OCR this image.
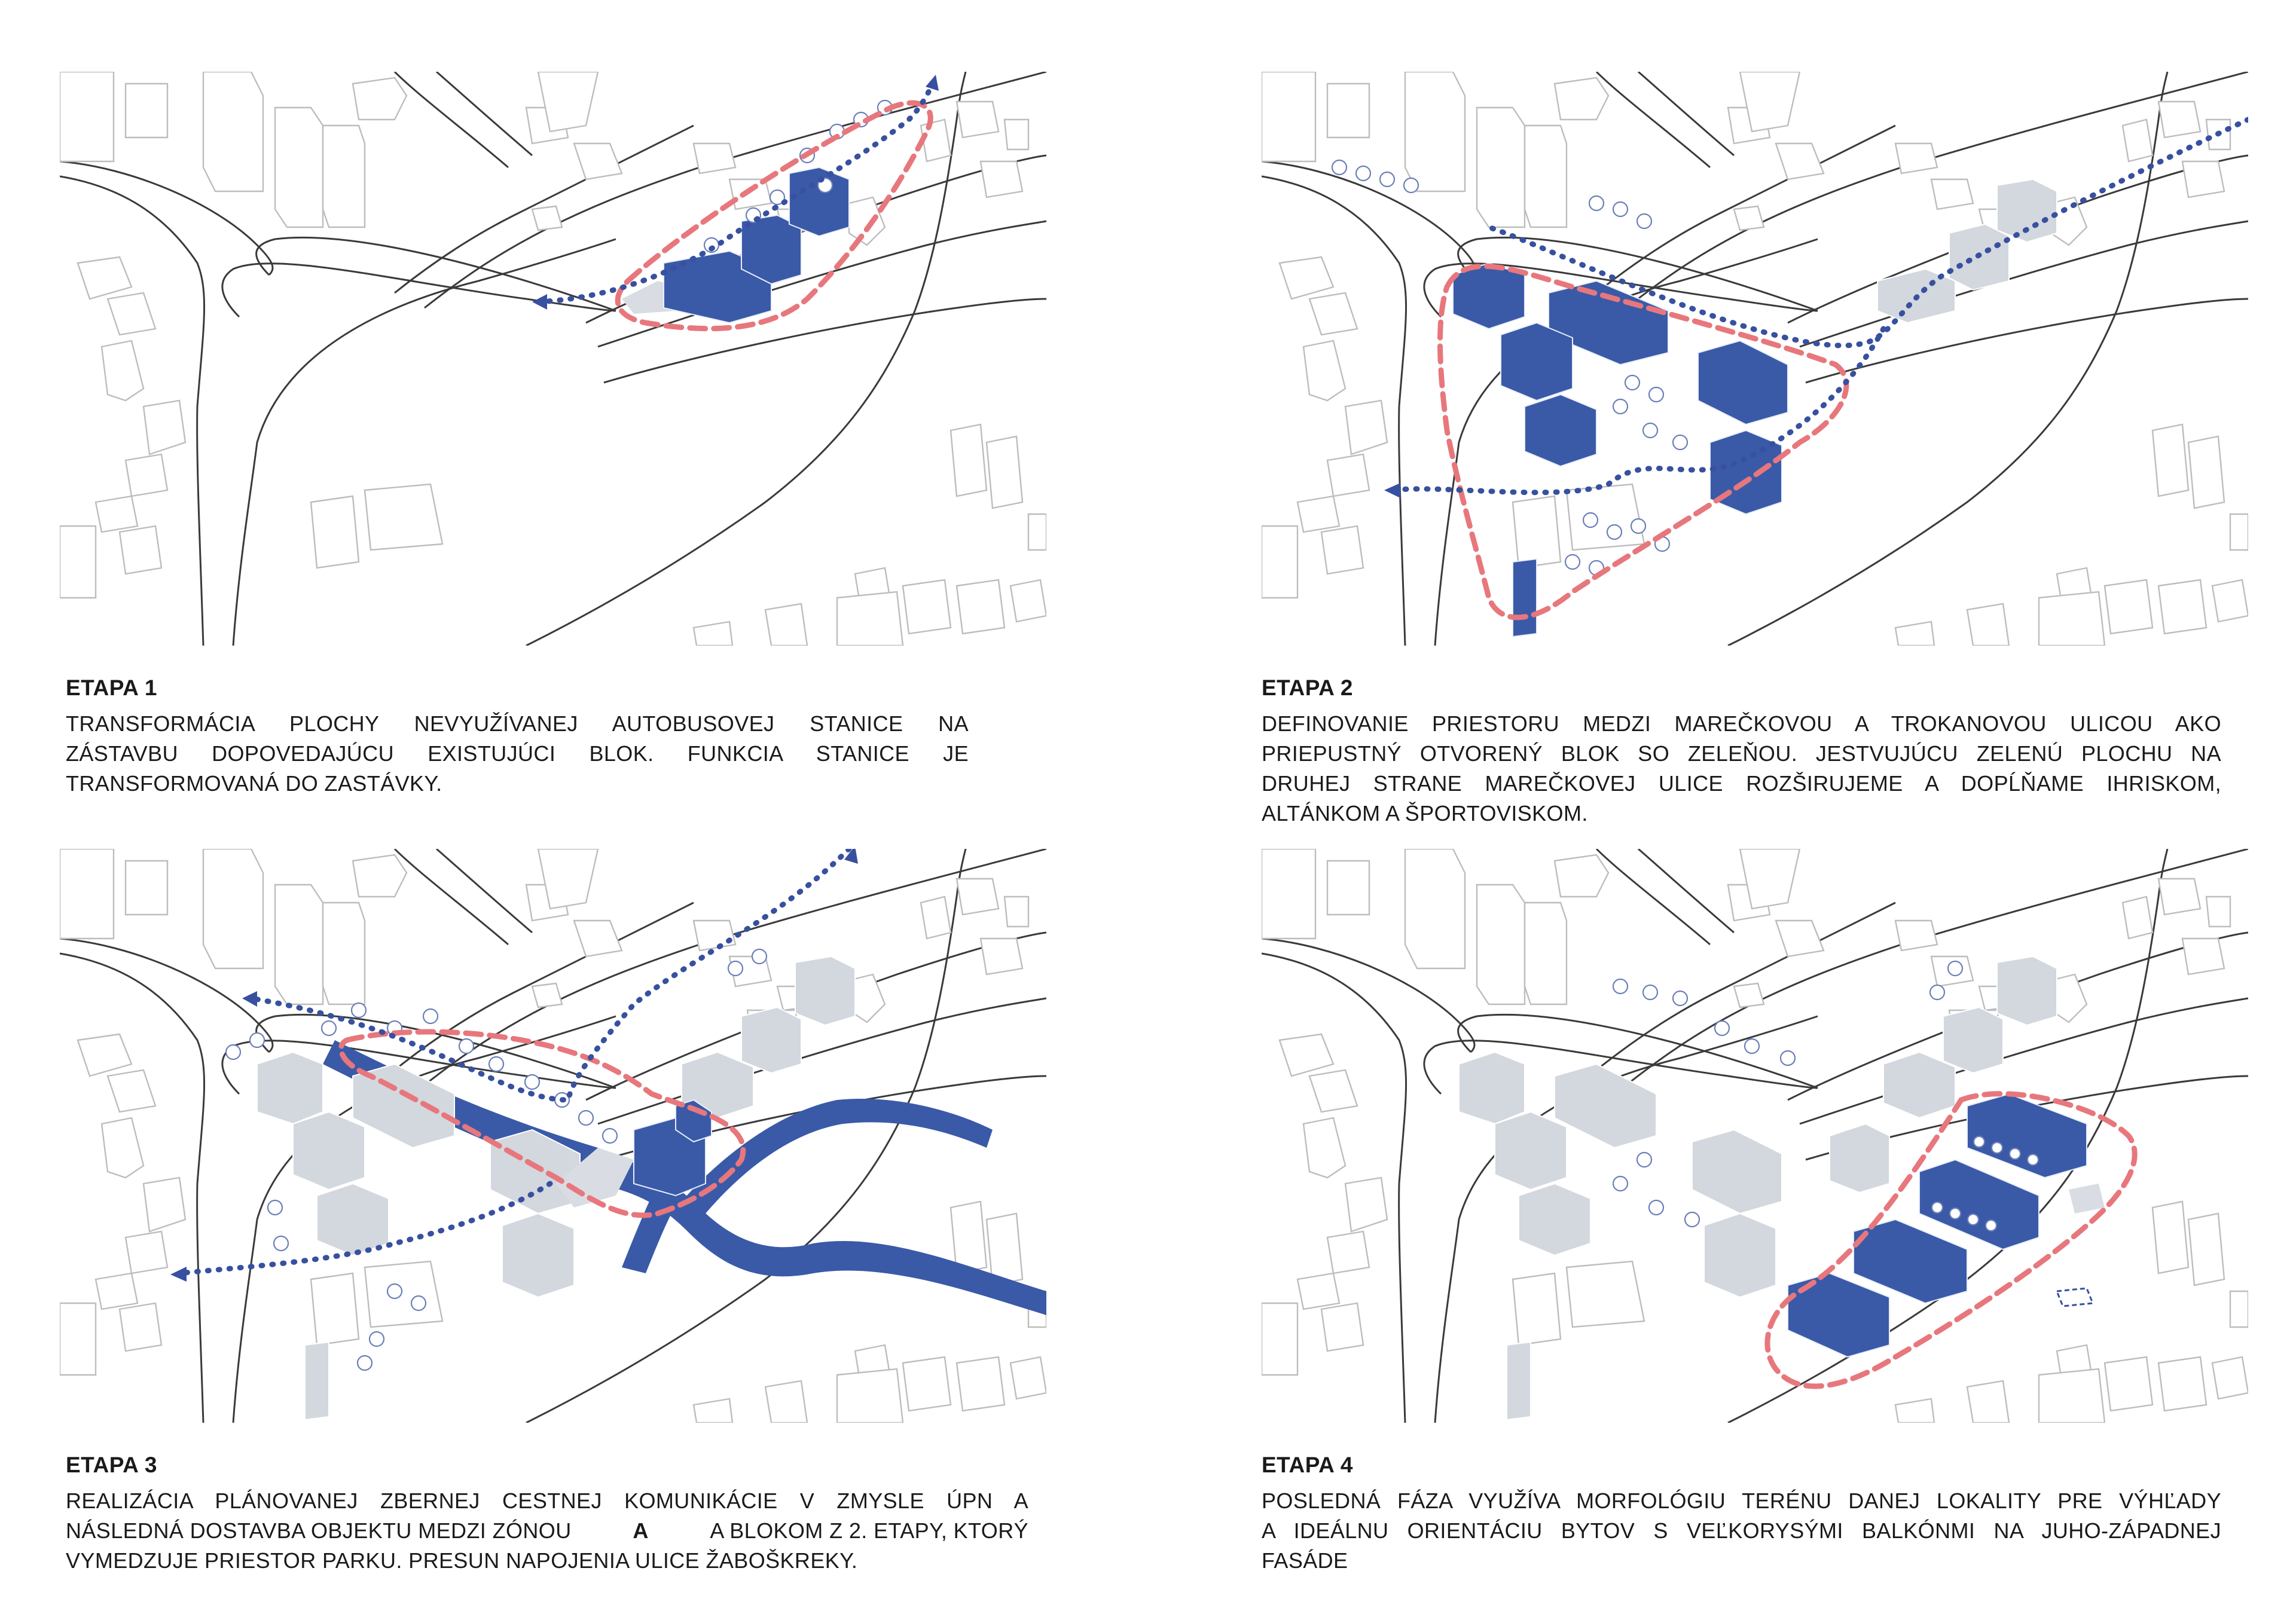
ETAPA 1

TRANSFORMÁCIA PLOCHY NEVYUŽÍVANEJ AUTOBUSOVEJ STANICE NA

ZÁSTAVBU DOPOVEDAJÚCU EXISTUJÚCI BLOK. FUNKCIA STANICE JE

TRANSFORMOVANÁ DO ZASTÁVKY.

ETAPA 2

DEFINOVANIE PRIESTORU MEDZI MAREČKOVOU A TROKANOVOU ULICOU AKO

PRIEPUSTNÝ OTVORENÝ BLOK SO ZELEŇOU. JESTVUJÚCU ZELENÚ PLOCHU NA

DRUHEJ STRANE MAREČKOVEJ ULICE ROZŠIRUJEME A DOPĹŇAME IHRISKOM,

ALTÁNKOM A ŠPORTOVISKOM.

ETAPA 3

REALIZÁCIA PLÁNOVANEJ ZBERNEJ CESTNEJ KOMUNIKÁCIE V ZMYSLE ÚPN A

NÁSLEDNÁ DOSTAVBA OBJEKTU MEDZI ZÓNOU	A	A BLOKOM Z 2. ETAPY, KTORÝ

VYMEDZUJE PRIESTOR PARKU. PRESUN NAPOJENIA ULICE ŽABOŠKREKY.

ETAPA 4

POSLEDNÁ FÁZA VYUŽÍVA MORFOLÓGIU TERÉNU DANEJ LOKALITY PRE VÝHĽADY

A IDEÁLNU ORIENTÁCIU BYTOV S VEĽKORYSÝMI BALKÓNMI NA JUHO-ZÁPADNEJ

FASÁDE
